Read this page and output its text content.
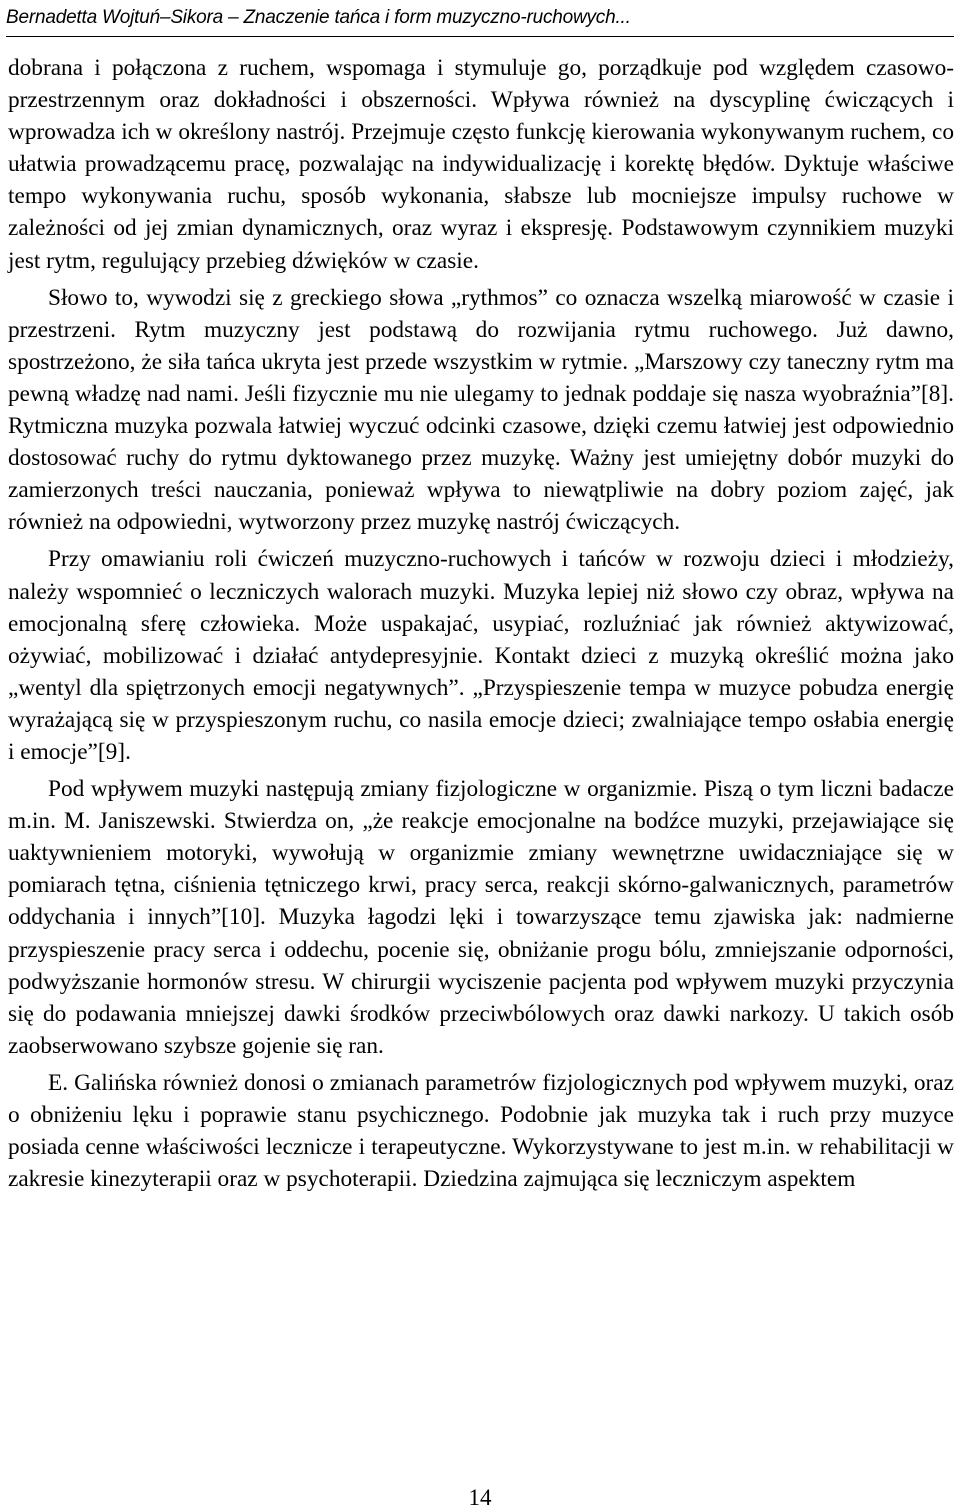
Bernadetta Wojtuń–Sikora – Znaczenie tańca i form muzyczno-ruchowych...

dobrana i połączona z ruchem, wspomaga i stymuluje go, porządkuje pod względem czasowo-przestrzennym oraz dokładności i obszerności. Wpływa również na dyscyplinę ćwiczących i wprowadza ich w określony nastrój. Przejmuje często funkcję kierowania wykonywanym ruchem, co ułatwia prowadzącemu pracę, pozwalając na indywidualizację i korektę błędów. Dyktuje właściwe tempo wykonywania ruchu, sposób wykonania, słabsze lub mocniejsze impulsy ruchowe w zależności od jej zmian dynamicznych, oraz wyraz i ekspresję. Podstawowym czynnikiem muzyki jest rytm, regulujący przebieg dźwięków w czasie.

Słowo to, wywodzi się z greckiego słowa „rythmos” co oznacza wszelką miarowość w czasie i przestrzeni. Rytm muzyczny jest podstawą do rozwijania rytmu ruchowego. Już dawno, spostrzeżono, że siła tańca ukryta jest przede wszystkim w rytmie. „Marszowy czy taneczny rytm ma pewną władzę nad nami. Jeśli fizycznie mu nie ulegamy to jednak poddaje się nasza wyobraźnia”[8]. Rytmiczna muzyka pozwala łatwiej wyczuć odcinki czasowe, dzięki czemu łatwiej jest odpowiednio dostosować ruchy do rytmu dyktowanego przez muzykę. Ważny jest umiejętny dobór muzyki do zamierzonych treści nauczania, ponieważ wpływa to niewątpliwie na dobry poziom zajęć, jak również na odpowiedni, wytworzony przez muzykę nastrój ćwiczących.

Przy omawianiu roli ćwiczeń muzyczno-ruchowych i tańców w rozwoju dzieci i młodzieży, należy wspomnieć o leczniczych walorach muzyki. Muzyka lepiej niż słowo czy obraz, wpływa na emocjonalną sferę człowieka. Może uspakajać, usypiać, rozluźniać jak również aktywizować, ożywiać, mobilizować i działać antydepresyjnie. Kontakt dzieci z muzyką określić można jako „wentyl dla spiętrzonych emocji negatywnych”. „Przyspieszenie tempa w muzyce pobudza energię wyrażającą się w przyspieszonym ruchu, co nasila emocje dzieci; zwalniające tempo osłabia energię i emocje”[9].

Pod wpływem muzyki następują zmiany fizjologiczne w organizmie. Piszą o tym liczni badacze m.in. M. Janiszewski. Stwierdza on, „że reakcje emocjonalne na bodźce muzyki, przejawiające się uaktywnieniem motoryki, wywołują w organizmie zmiany wewnętrzne uwidaczniające się w pomiarach tętna, ciśnienia tętniczego krwi, pracy serca, reakcji skórno-galwanicznych, parametrów oddychania i innych”[10]. Muzyka łagodzi lęki i towarzyszące temu zjawiska jak: nadmierne przyspieszenie pracy serca i oddechu, pocenie się, obniżanie progu bólu, zmniejszanie odporności, podwyższanie hormonów stresu. W chirurgii wyciszenie pacjenta pod wpływem muzyki przyczynia się do podawania mniejszej dawki środków przeciwbólowych oraz dawki narkozy. U takich osób zaobserwowano szybsze gojenie się ran.

E. Galińska również donosi o zmianach parametrów fizjologicznych pod wpływem muzyki, oraz o obniżeniu lęku i poprawie stanu psychicznego. Podobnie jak muzyka tak i ruch przy muzyce posiada cenne właściwości lecznicze i terapeutyczne. Wykorzystywane to jest m.in. w rehabilitacji w zakresie kinezyterapii oraz w psychoterapii. Dziedzina zajmująca się leczniczym aspektem

14
